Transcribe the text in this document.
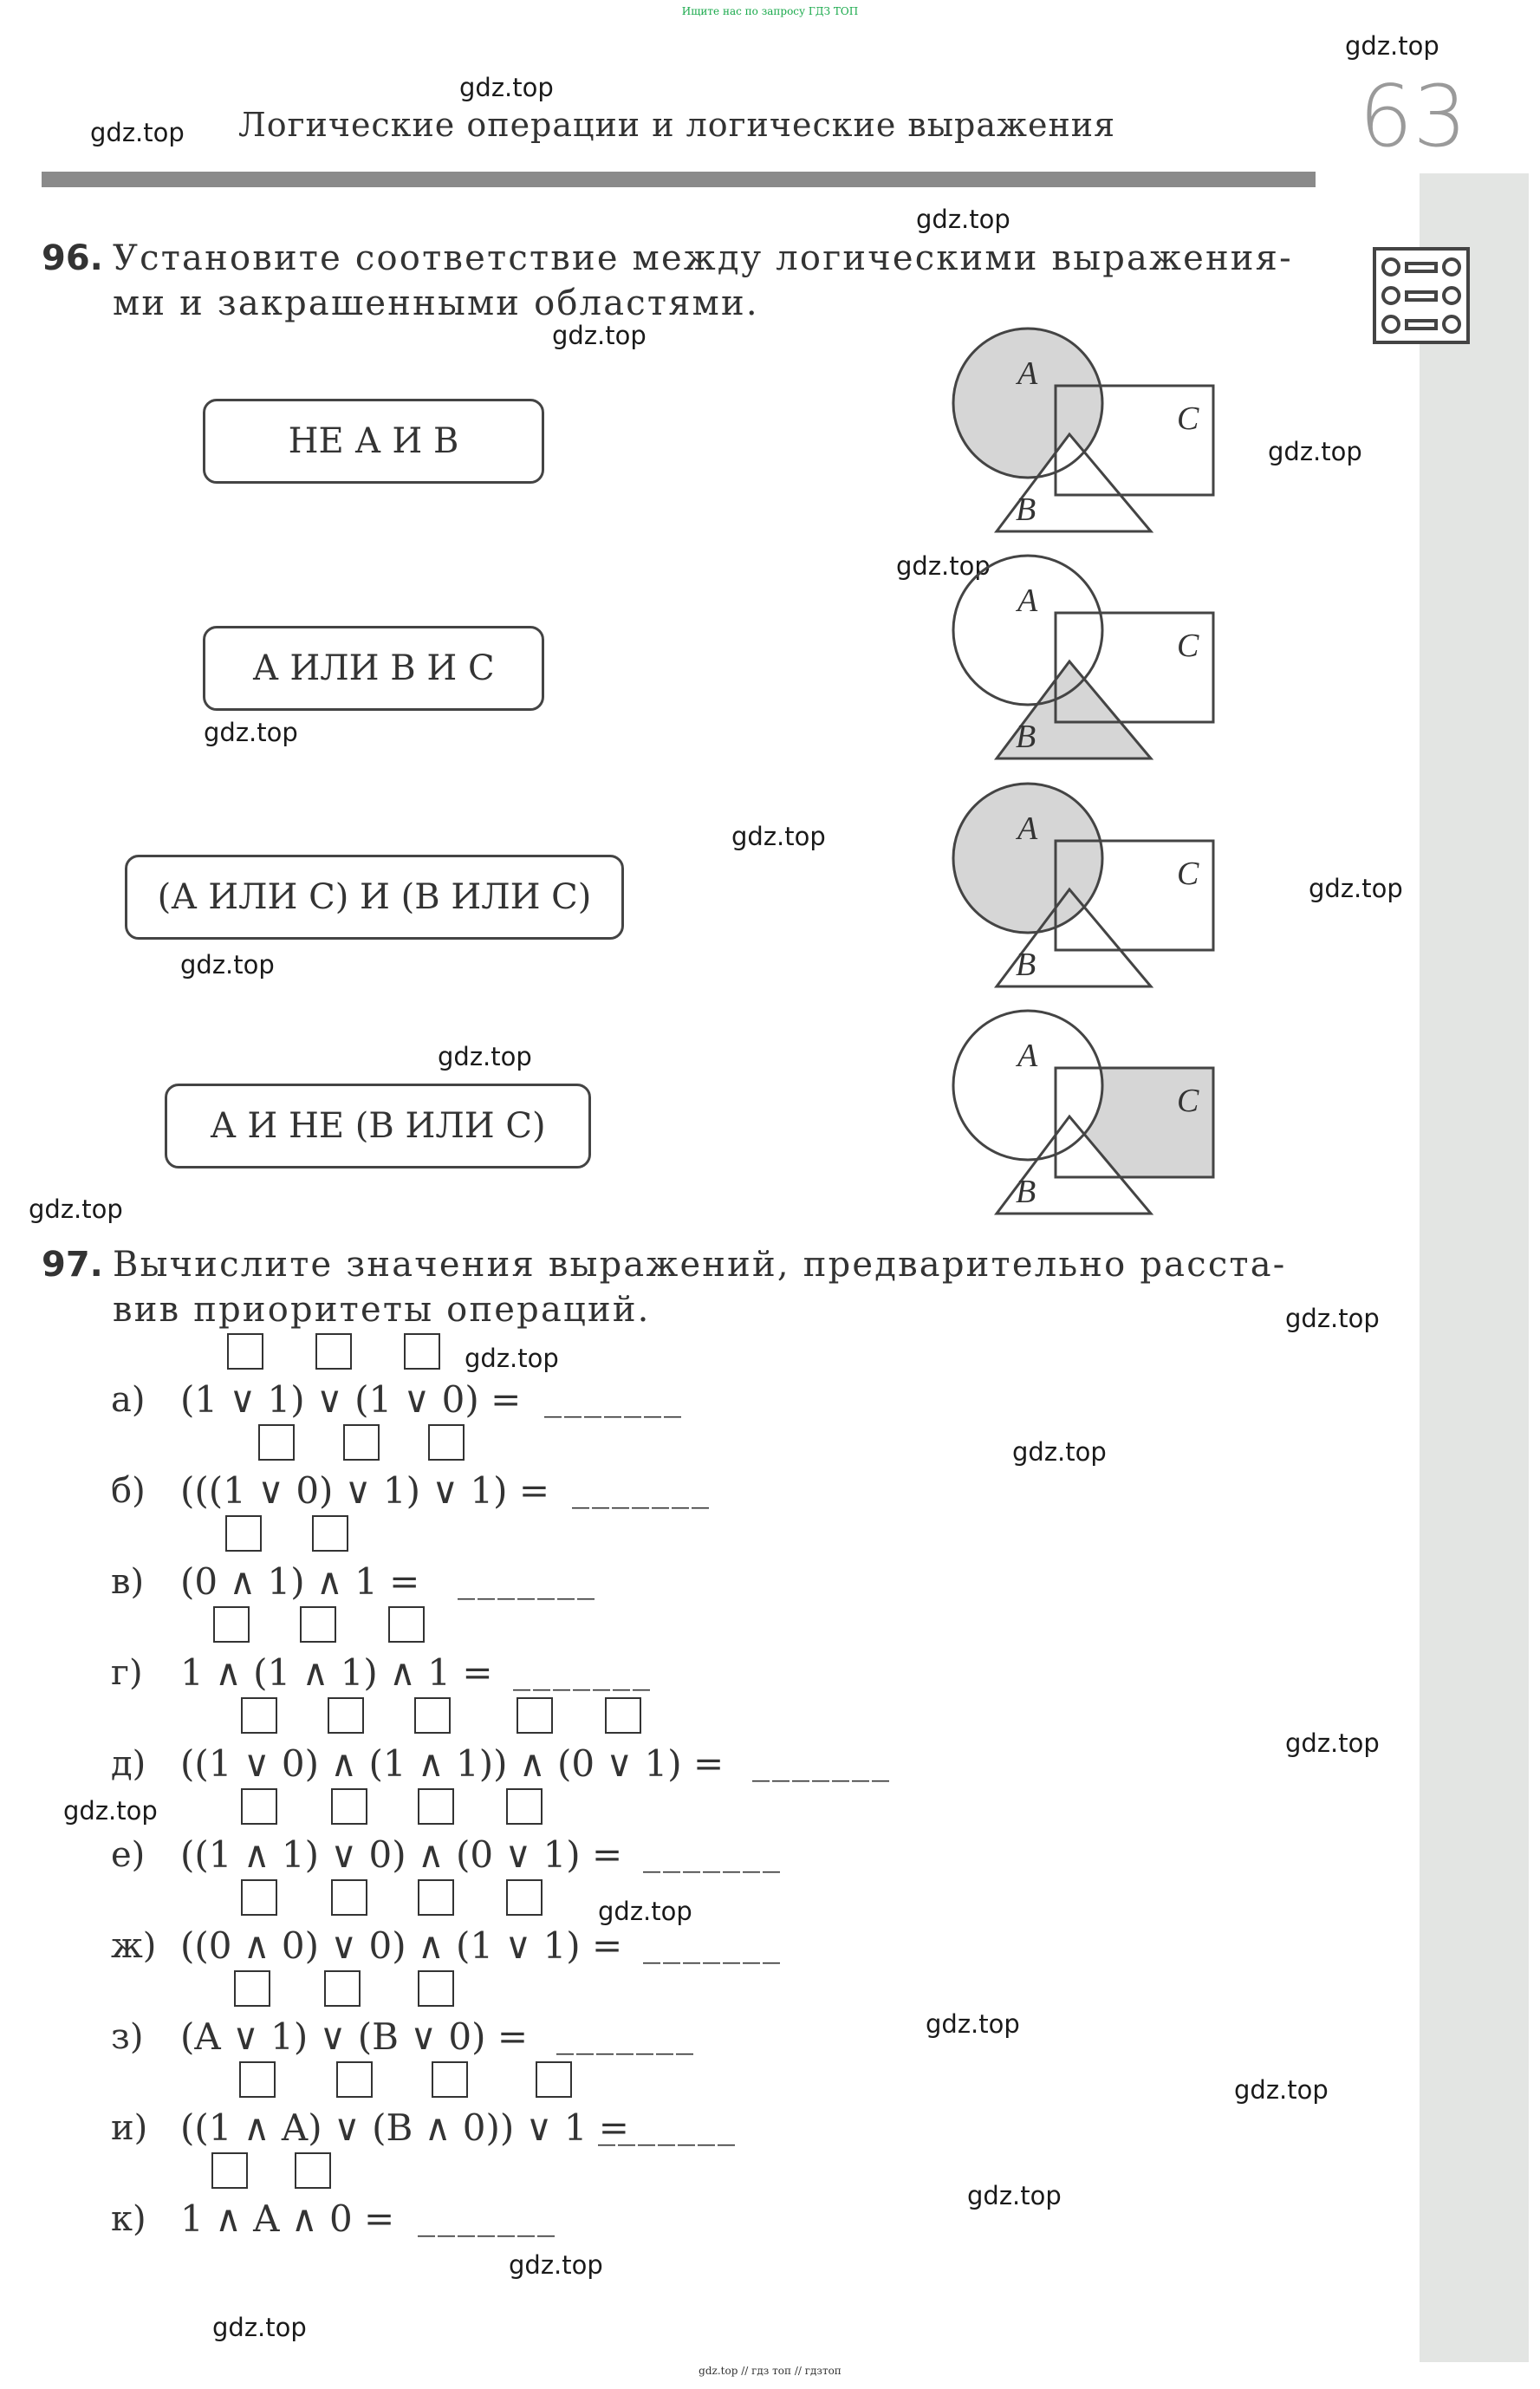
Ищите нас по запросу ГДЗ ТОП
Логические операции и логические выражения	63
gdz.top
gdz.top
gdz.top
gdz.top
gdz.top
gdz.top
gdz.top
gdz.top
gdz.top
gdz.top
gdz.top
gdz.top
gdz.top
gdz.top
gdz.top
gdz.top
gdz.top
gdz.top
gdz.top
gdz.top
gdz.top
gdz.top
gdz.top
gdz.top
96. Установите соответствие между логическими выражения-
ми и закрашенными областями.
НЕ А И В
А ИЛИ В И С
(А ИЛИ С) И (В ИЛИ С)
А И НЕ (В ИЛИ С)
A
C
B
A
C
B
A
C
B
A
C
B
97. Вычислите значения выражений, предварительно расста-
вив приоритеты операций.
а) (1 ∨ 1) ∨ (1 ∨ 0) = _______
б) (((1 ∨ 0) ∨ 1) ∨ 1) = _______
в) (0 ∧ 1) ∧ 1 = _______
г) 1 ∧ (1 ∧ 1) ∧ 1 = _______
д) ((1 ∨ 0) ∧ (1 ∧ 1)) ∧ (0 ∨ 1) = _______
е) ((1 ∧ 1) ∨ 0) ∧ (0 ∨ 1) = _______
ж) ((0 ∧ 0) ∨ 0) ∧ (1 ∨ 1) = _______
з) (A ∨ 1) ∨ (B ∨ 0) = _______
и) ((1 ∧ A) ∨ (B ∧ 0)) ∨ 1 =
_______
к) 1 ∧ A ∧ 0 = _______
gdz.top // гдз топ // гдзтоп
